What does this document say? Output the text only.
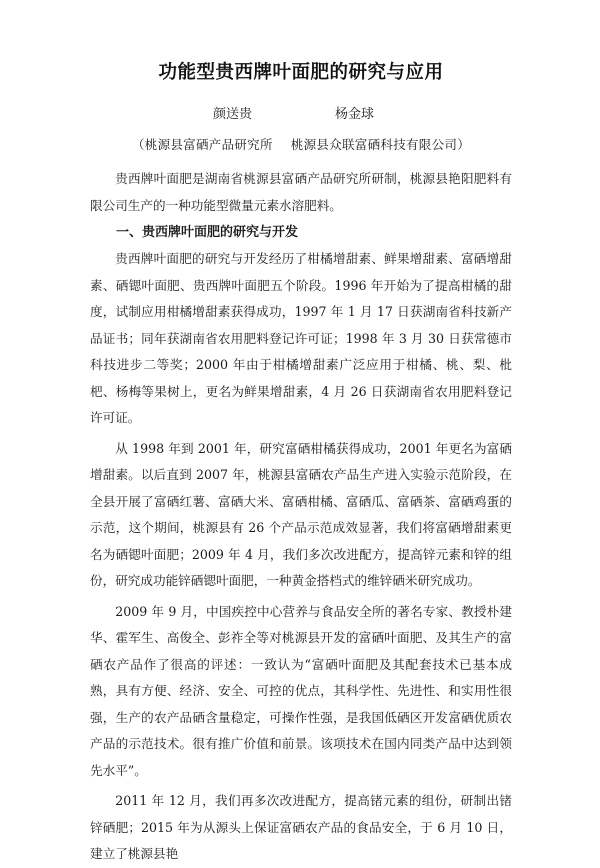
功能型贵西牌叶面肥的研究与应用
颜送贵	杨金球
（桃源县富硒产品研究所 桃源县众联富硒科技有限公司）

贵西牌叶面肥是湖南省桃源县富硒产品研究所研制，桃源县艳阳肥料有限公司生产的一种功能型微量元素水溶肥料。

一、贵西牌叶面肥的研究与开发

贵西牌叶面肥的研究与开发经历了柑橘增甜素、鲜果增甜素、富硒增甜素、硒锶叶面肥、贵西牌叶面肥五个阶段。1996 年开始为了提高柑橘的甜度，试制应用柑橘增甜素获得成功，1997 年 1 月 17 日获湖南省科技新产品证书；同年获湖南省农用肥料登记许可证；1998 年 3 月 30 日获常德市科技进步二等奖；2000 年由于柑橘增甜素广泛应用于柑橘、桃、梨、枇杷、杨梅等果树上，更名为鲜果增甜素，4 月 26 日获湖南省农用肥料登记许可证。

从 1998 年到 2001 年，研究富硒柑橘获得成功，2001 年更名为富硒增甜素。以后直到 2007 年，桃源县富硒农产品生产进入实验示范阶段，在全县开展了富硒红薯、富硒大米、富硒柑橘、富硒瓜、富硒茶、富硒鸡蛋的示范，这个期间，桃源县有 26 个产品示范成效显著，我们将富硒增甜素更名为硒锶叶面肥；2009 年 4 月，我们多次改进配方，提高锌元素和锌的组份，研究成功能锌硒锶叶面肥，一种黄金搭档式的维锌硒米研究成功。

2009 年 9 月，中国疾控中心营养与食品安全所的著名专家、教授朴建华、霍军生、高俊全、彭祚全等对桃源县开发的富硒叶面肥、及其生产的富硒农产品作了很高的评述：一致认为“富硒叶面肥及其配套技术已基本成熟，具有方便、经济、安全、可控的优点，其科学性、先进性、和实用性很强，生产的农产品硒含量稳定，可操作性强，是我国低硒区开发富硒优质农产品的示范技术。很有推广价值和前景。该项技术在国内同类产品中达到领先水平”。

2011 年 12 月，我们再多次改进配方，提高锗元素的组份，研制出锗锌硒肥；2015 年为从源头上保证富硒农产品的食品安全，于 6 月 10 日，建立了桃源县艳
